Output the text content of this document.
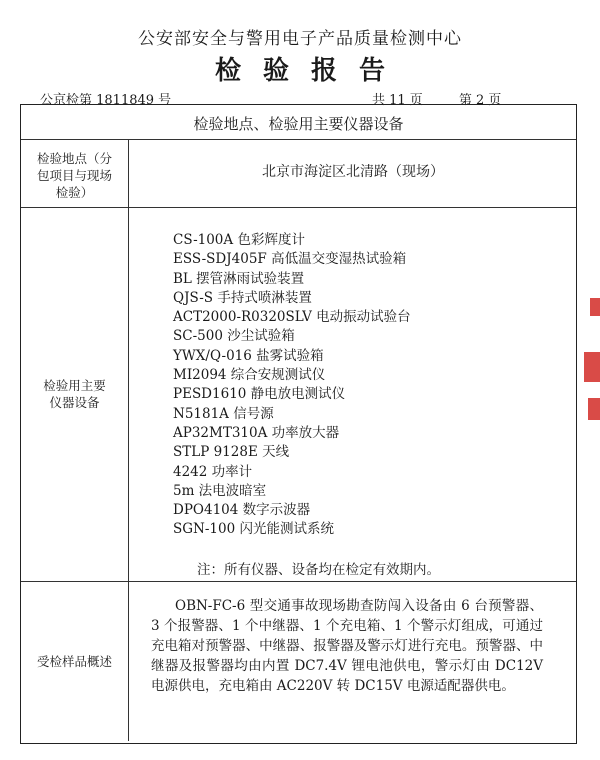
公安部安全与警用电子产品质量检测中心
检验报告
公京检第 1811849 号	共 11 页	第 2 页
检验地点、检验用主要仪器设备
检验地点（分包项目与现场检验）
北京市海淀区北清路（现场）
检验用主要仪器设备
CS-100A 色彩辉度计
ESS-SDJ405F 高低温交变湿热试验箱
BL 摆管淋雨试验装置
QJS-S 手持式喷淋装置
ACT2000-R0320SLV 电动振动试验台
SC-500 沙尘试验箱
YWX/Q-016 盐雾试验箱
MI2094 综合安规测试仪
PESD1610 静电放电测试仪
N5181A 信号源
AP32MT310A 功率放大器
STLP 9128E 天线
4242 功率计
5m 法电波暗室
DPO4104 数字示波器
SGN-100 闪光能测试系统
注：所有仪器、设备均在检定有效期内。
受检样品概述
OBN-FC-6 型交通事故现场勘查防闯入设备由 6 台预警器、3 个报警器、1 个中继器、1 个充电箱、1 个警示灯组成，可通过充电箱对预警器、中继器、报警器及警示灯进行充电。预警器、中继器及报警器均由内置 DC7.4V 锂电池供电，警示灯由 DC12V 电源供电，充电箱由 AC220V 转 DC15V 电源适配器供电。
